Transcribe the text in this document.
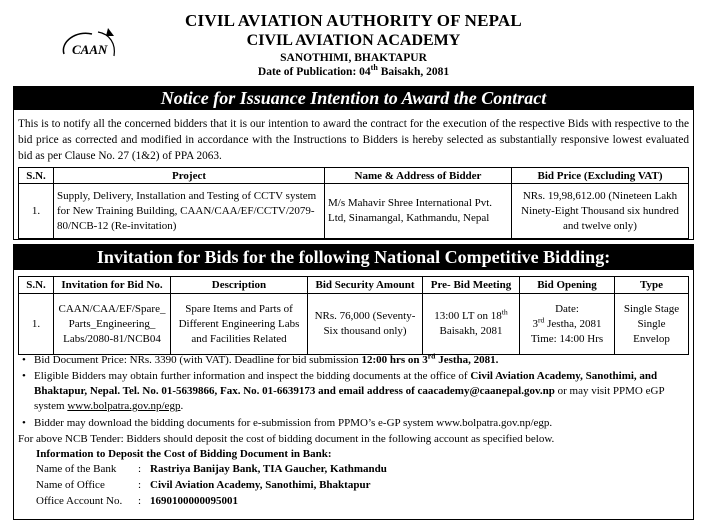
CAAN
CIVIL AVIATION AUTHORITY OF NEPAL
CIVIL AVIATION ACADEMY
SANOTHIMI, BHAKTAPUR
Date of Publication: 04th Baisakh, 2081
Notice for Issuance Intention to Award the Contract
This is to notify all the concerned bidders that it is our intention to award the contract for the execution of the respective Bids with respective to the bid price as corrected and modified in accordance with the Instructions to Bidders is hereby selected as substantially responsive lowest evaluated bid as per Clause No. 27 (1&2) of PPA 2063.
S.N.	Project	Name & Address of Bidder	Bid Price (Excluding VAT)
1.	Supply, Delivery, Installation and Testing of CCTV system for New Training Building, CAAN/CAA/EF/CCTV/2079-80/NCB-12 (Re-invitation)	M/s Mahavir Shree International Pvt. Ltd, Sinamangal, Kathmandu, Nepal	NRs. 19,98,612.00 (Nineteen Lakh Ninety-Eight Thousand six hundred and twelve only)
Invitation for Bids for the following National Competitive Bidding:
S.N.	Invitation for Bid No.	Description	Bid Security Amount	Pre- Bid Meeting	Bid Opening	Type
1.	CAAN/CAA/EF/Spare_ Parts_Engineering_ Labs/2080-81/NCB04	Spare Items and Parts of Different Engineering Labs and Facilities Related	NRs. 76,000 (Seventy-Six thousand only)	13:00 LT on 18th Baisakh, 2081	Date:
3rd Jestha, 2081
Time: 14:00 Hrs	Single Stage Single Envelop
• Bid Document Price: NRs. 3390 (with VAT). Deadline for bid submission 12:00 hrs on 3rd Jestha, 2081.
• Eligible Bidders may obtain further information and inspect the bidding documents at the office of Civil Aviation Academy, Sanothimi, and Bhaktapur, Nepal. Tel. No. 01-5639866, Fax. No. 01-6639173 and email address of caacademy@caanepal.gov.np or may visit PPMO eGP system www.bolpatra.gov.np/egp.
• Bidder may download the bidding documents for e-submission from PPMO’s e-GP system www.bolpatra.gov.np/egp.
For above NCB Tender: Bidders should deposit the cost of bidding document in the following account as specified below.
Information to Deposit the Cost of Bidding Document in Bank:
Name of the Bank : Rastriya Banijay Bank, TIA Gaucher, Kathmandu
Name of Office	: Civil Aviation Academy, Sanothimi, Bhaktapur
Office Account No. : 1690100000095001
